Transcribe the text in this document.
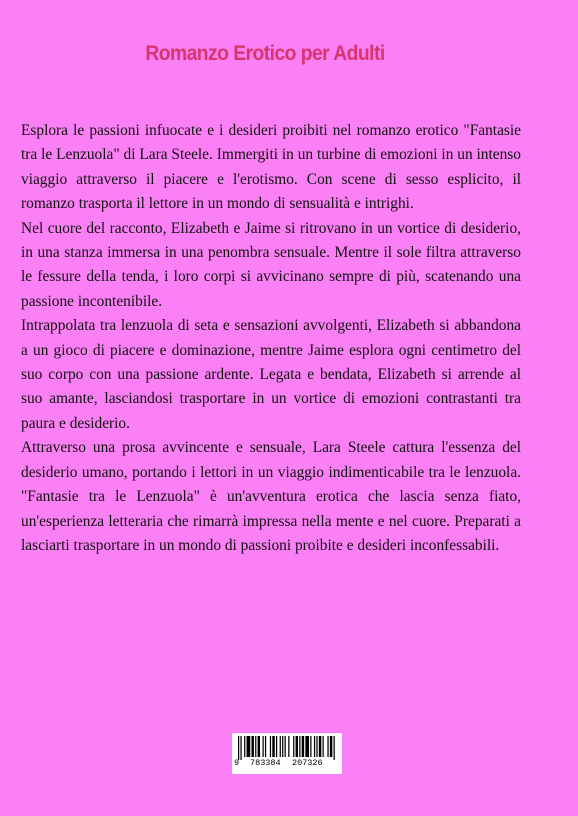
Romanzo Erotico per Adulti

Esplora le passioni infuocate e i desideri proibiti nel romanzo erotico "Fantasie tra le Lenzuola" di Lara Steele. Immergiti in un turbine di emozioni in un intenso viaggio attraverso il piacere e l'erotismo. Con scene di sesso esplicito, il romanzo trasporta il lettore in un mondo di sensualità e intrighi.

Nel cuore del racconto, Elizabeth e Jaime si ritrovano in un vortice di desiderio, in una stanza immersa in una penombra sensuale. Mentre il sole filtra attraverso le fessure della tenda, i loro corpi si avvicinano sempre di più, scatenando una passione incontenibile.

Intrappolata tra lenzuola di seta e sensazioni avvolgenti, Elizabeth si abbandona a un gioco di piacere e dominazione, mentre Jaime esplora ogni centimetro del suo corpo con una passione ardente. Legata e bendata, Elizabeth si arrende al suo amante, lasciandosi trasportare in un vortice di emozioni contrastanti tra paura e desiderio.

Attraverso una prosa avvincente e sensuale, Lara Steele cattura l'essenza del desiderio umano, portando i lettori in un viaggio indimenticabile tra le lenzuola. "Fantasie tra le Lenzuola" è un'avventura erotica che lascia senza fiato, un'esperienza letteraria che rimarrà impressa nella mente e nel cuore. Preparati a lasciarti trasportare in un mondo di passioni proibite e desideri inconfessabili.

9 783384 207326
